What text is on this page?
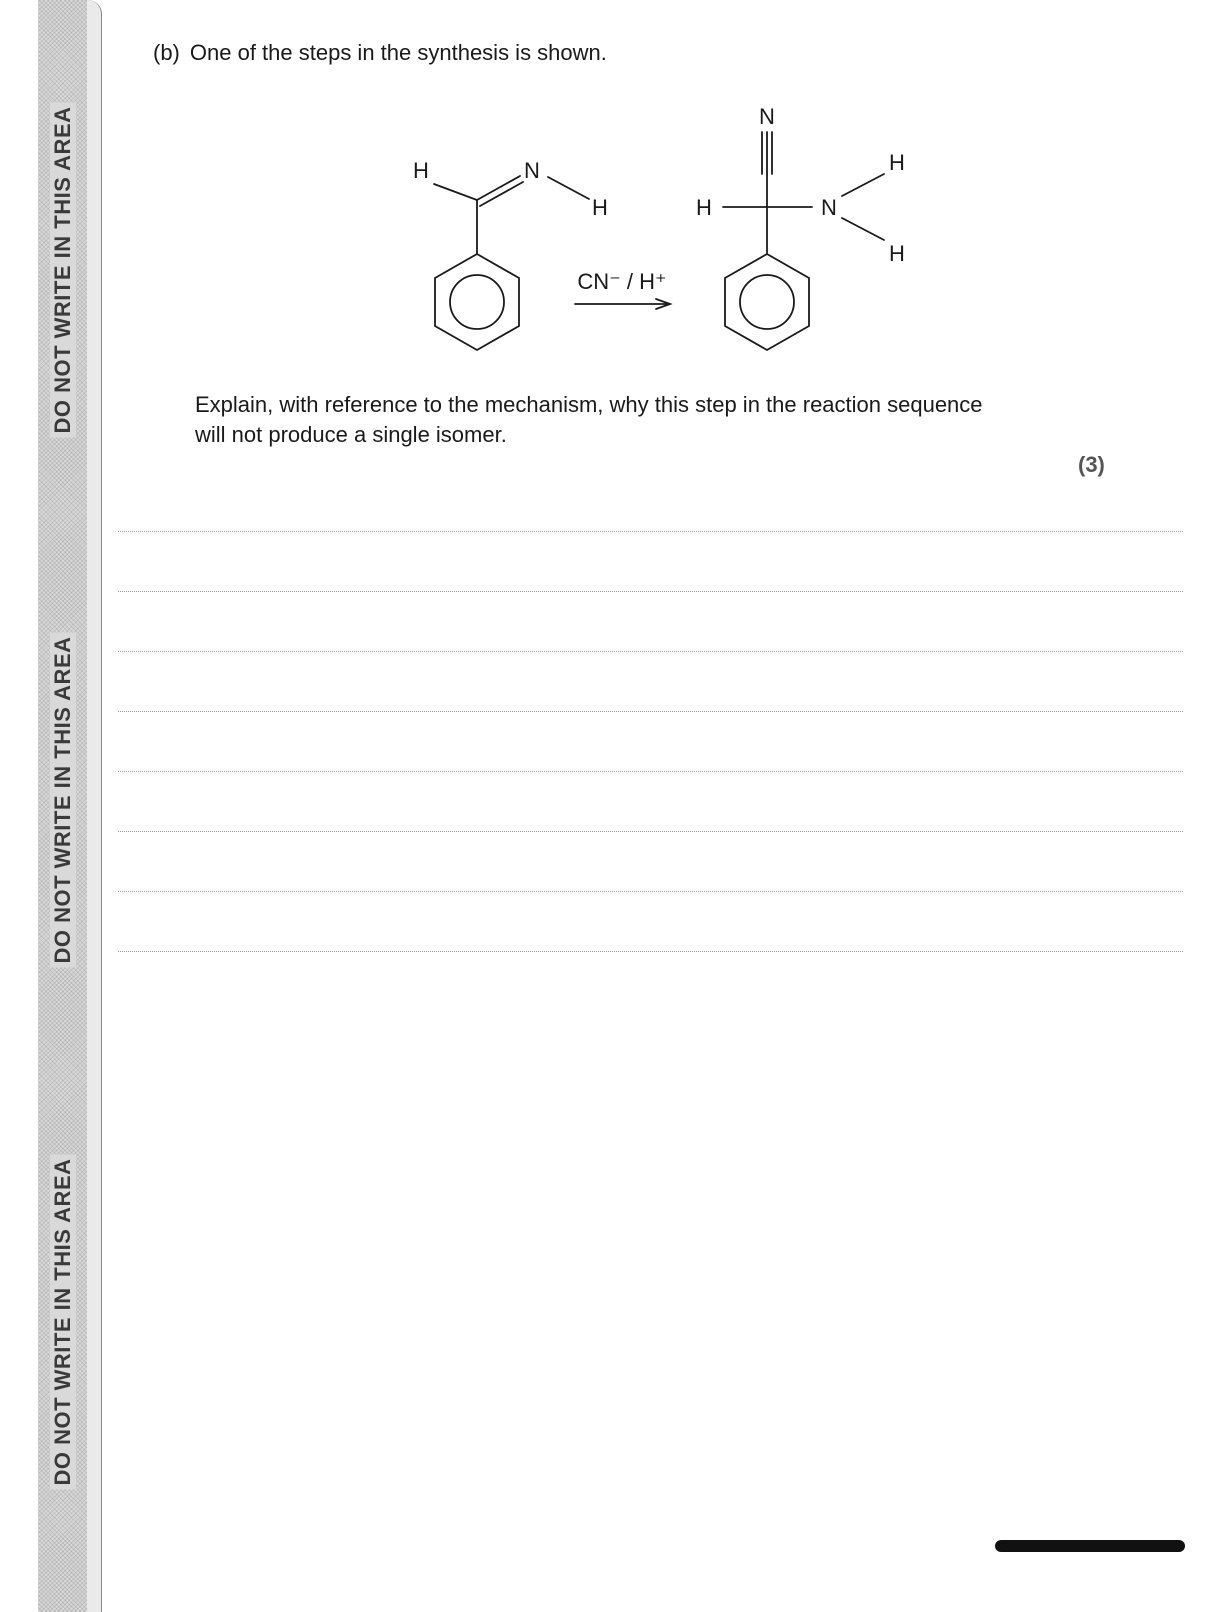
DO NOT WRITE IN THIS AREA
DO NOT WRITE IN THIS AREA
DO NOT WRITE IN THIS AREA
(b) One of the steps in the synthesis is shown.
H	N
H
CN⁻ / H⁺
N
H	N
H
H
Explain, with reference to the mechanism, why this step in the reaction sequence
will not produce a single isomer.
(3)
